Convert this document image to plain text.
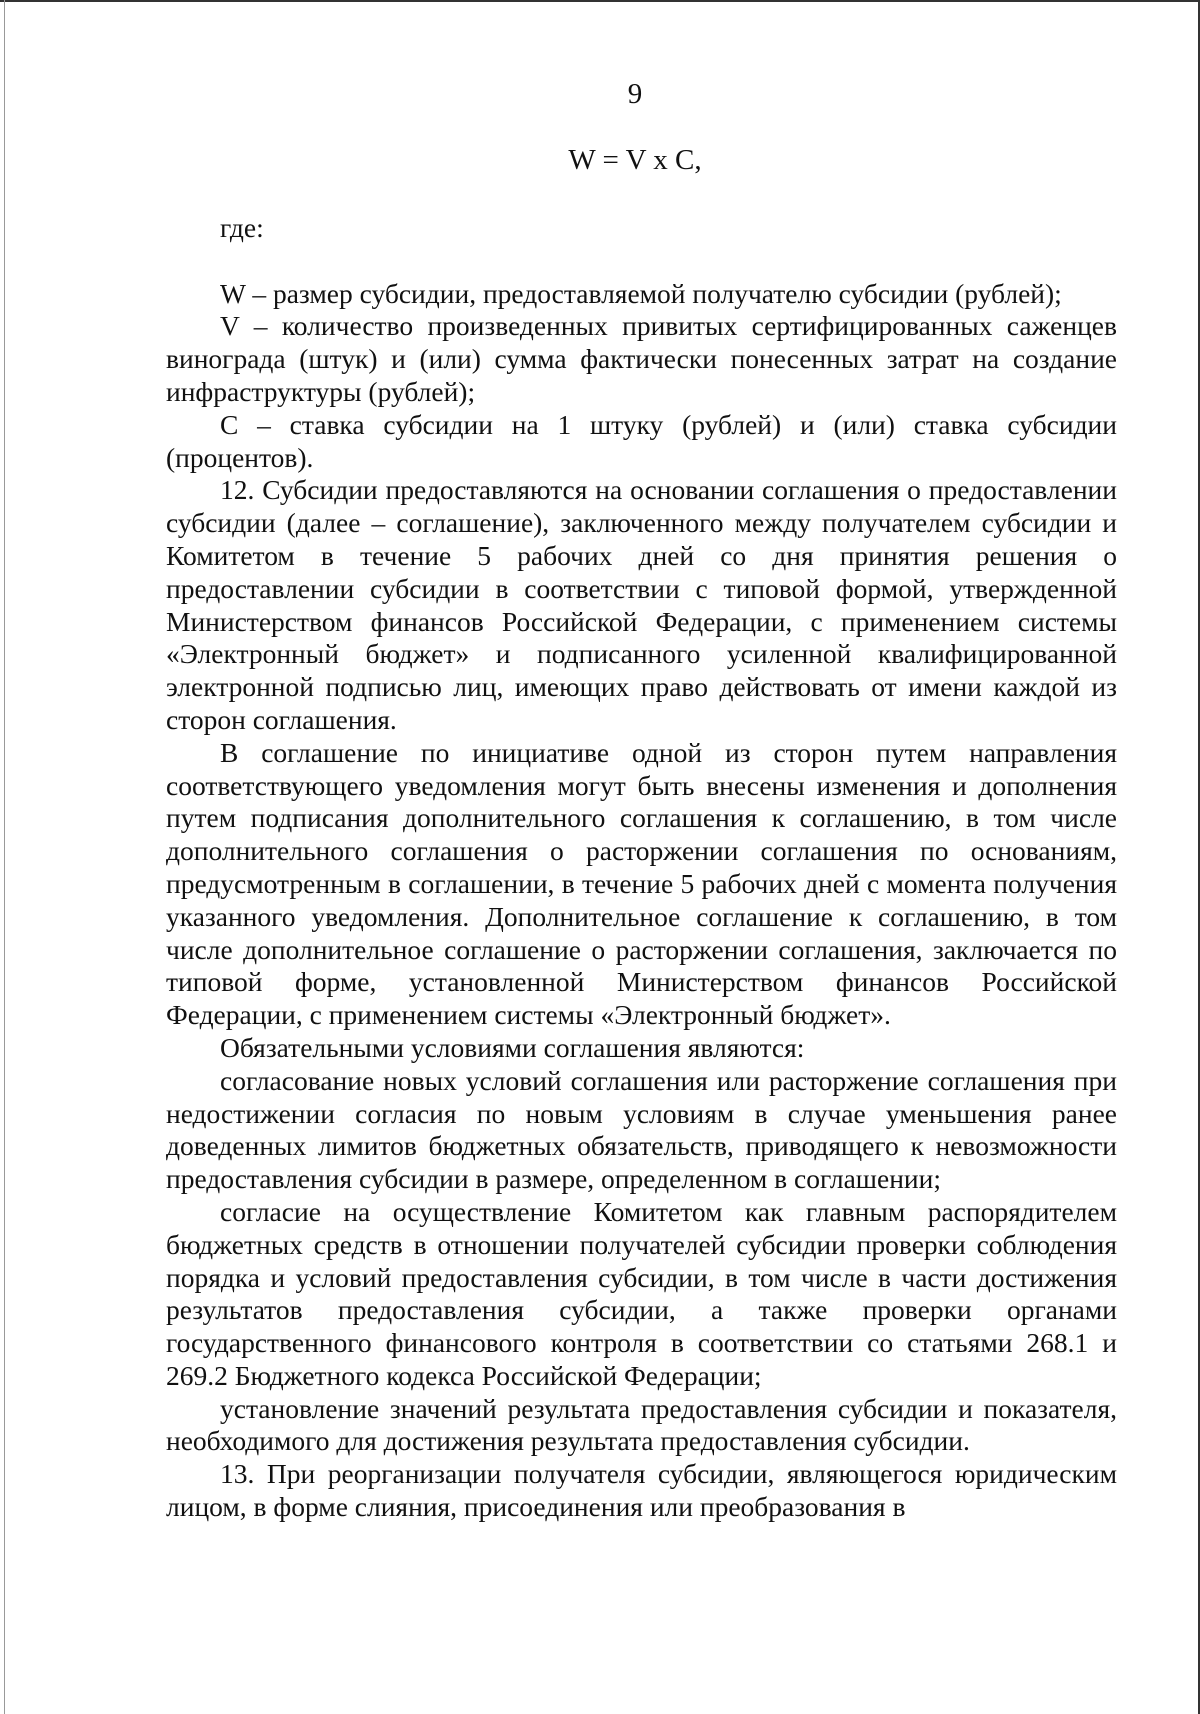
9
W = V x C,

где:

W – размер субсидии, предоставляемой получателю субсидии (рублей);

V – количество произведенных привитых сертифицированных саженцев винограда (штук) и (или) сумма фактически понесенных затрат на создание инфраструктуры (рублей);

С – ставка субсидии на 1 штуку (рублей) и (или) ставка субсидии (процентов).

12. Субсидии предоставляются на основании соглашения о предоставлении субсидии (далее – соглашение), заключенного между получателем субсидии и Комитетом в течение 5 рабочих дней со дня принятия решения о предоставлении субсидии в соответствии с типовой формой, утвержденной Министерством финансов Российской Федерации, с применением системы «Электронный бюджет» и подписанного усиленной квалифицированной электронной подписью лиц, имеющих право действовать от имени каждой из сторон соглашения.

В соглашение по инициативе одной из сторон путем направления соответствующего уведомления могут быть внесены изменения и дополнения путем подписания дополнительного соглашения к соглашению, в том числе дополнительного соглашения о расторжении соглашения по основаниям, предусмотренным в соглашении, в течение 5 рабочих дней с момента получения указанного уведомления. Дополнительное соглашение к соглашению, в том числе дополнительное соглашение о расторжении соглашения, заключается по типовой форме, установленной Министерством финансов Российской Федерации, с применением системы «Электронный бюджет».

Обязательными условиями соглашения являются:

согласование новых условий соглашения или расторжение соглашения при недостижении согласия по новым условиям в случае уменьшения ранее доведенных лимитов бюджетных обязательств, приводящего к невозможности предоставления субсидии в размере, определенном в соглашении;

согласие на осуществление Комитетом как главным распорядителем бюджетных средств в отношении получателей субсидии проверки соблюдения порядка и условий предоставления субсидии, в том числе в части достижения результатов предоставления субсидии, а также проверки органами государственного финансового контроля в соответствии со статьями 268.1 и 269.2 Бюджетного кодекса Российской Федерации;

установление значений результата предоставления субсидии и показателя, необходимого для достижения результата предоставления субсидии.

13. При реорганизации получателя субсидии, являющегося юридическим лицом, в форме слияния, присоединения или преобразования в
